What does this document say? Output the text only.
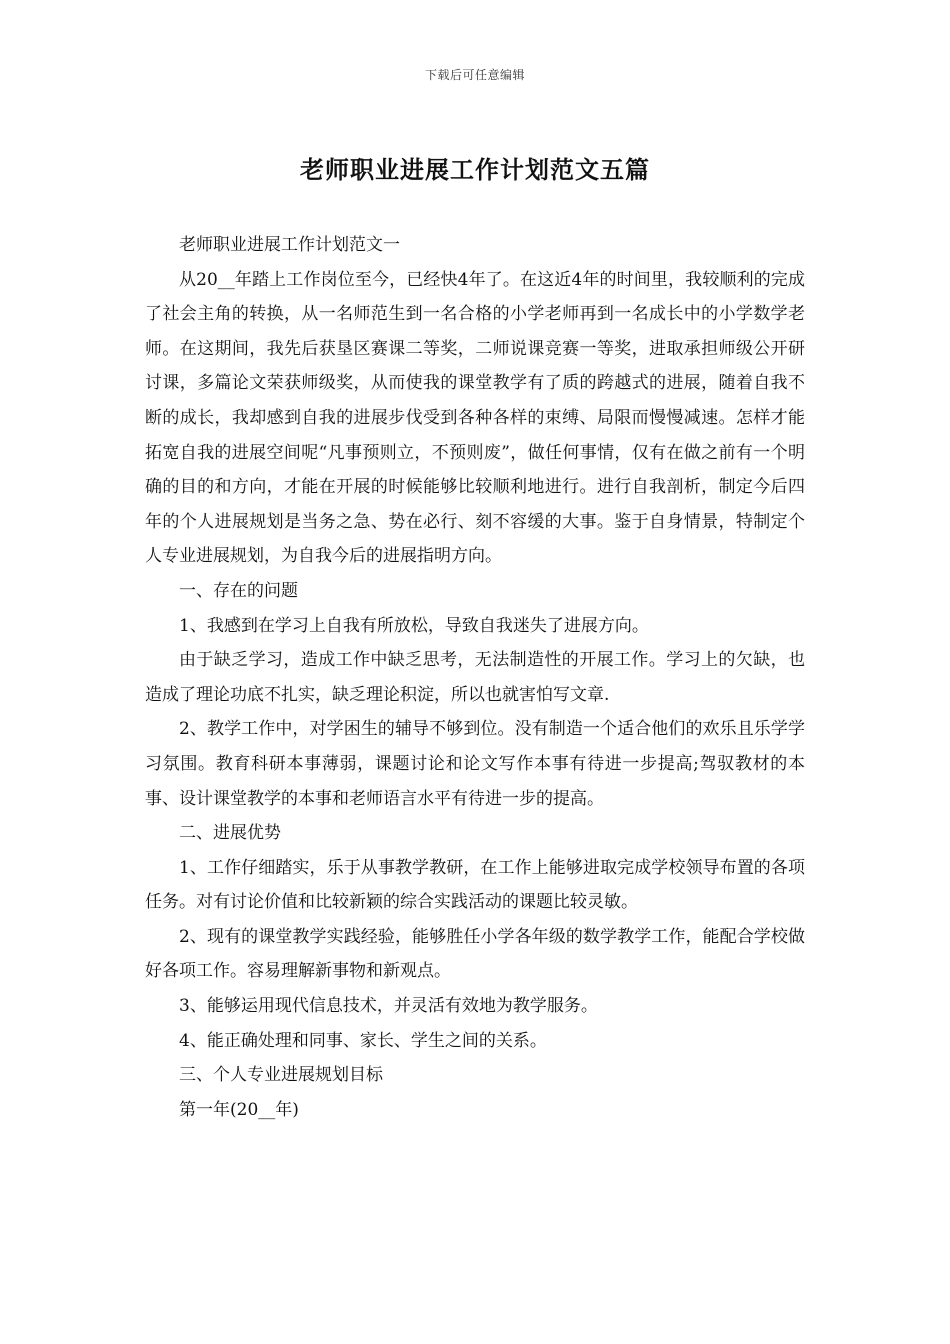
下载后可任意编辑
老师职业进展工作计划范文五篇

老师职业进展工作计划范文一

从20__年踏上工作岗位至今，已经快4年了。在这近4年的时间里，我较顺利的完成了社会主角的转换，从一名师范生到一名合格的小学老师再到一名成长中的小学数学老师。在这期间，我先后获垦区赛课二等奖，二师说课竞赛一等奖，进取承担师级公开研讨课，多篇论文荣获师级奖，从而使我的课堂教学有了质的跨越式的进展，随着自我不断的成长，我却感到自我的进展步伐受到各种各样的束缚、局限而慢慢减速。怎样才能拓宽自我的进展空间呢“凡事预则立，不预则废”，做任何事情，仅有在做之前有一个明确的目的和方向，才能在开展的时候能够比较顺利地进行。进行自我剖析，制定今后四年的个人进展规划是当务之急、势在必行、刻不容缓的大事。鉴于自身情景，特制定个人专业进展规划，为自我今后的进展指明方向。

一、存在的问题

1、我感到在学习上自我有所放松，导致自我迷失了进展方向。

由于缺乏学习，造成工作中缺乏思考，无法制造性的开展工作。学习上的欠缺，也造成了理论功底不扎实，缺乏理论积淀，所以也就害怕写文章.

2、教学工作中，对学困生的辅导不够到位。没有制造一个适合他们的欢乐且乐学学习氛围。教育科研本事薄弱，课题讨论和论文写作本事有待进一步提高;驾驭教材的本事、设计课堂教学的本事和老师语言水平有待进一步的提高。

二、进展优势

1、工作仔细踏实，乐于从事教学教研，在工作上能够进取完成学校领导布置的各项任务。对有讨论价值和比较新颖的综合实践活动的课题比较灵敏。

2、现有的课堂教学实践经验，能够胜任小学各年级的数学教学工作，能配合学校做好各项工作。容易理解新事物和新观点。

3、能够运用现代信息技术，并灵活有效地为教学服务。

4、能正确处理和同事、家长、学生之间的关系。

三、个人专业进展规划目标

第一年(20__年)
